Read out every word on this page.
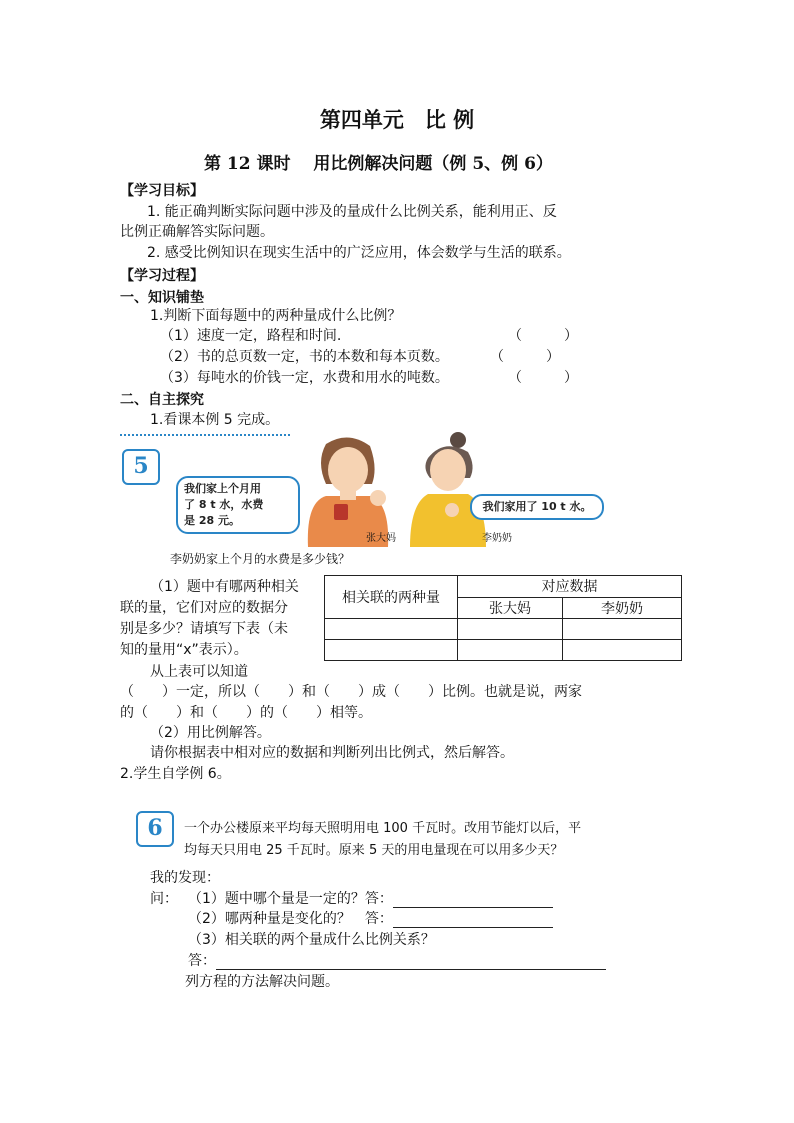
第四单元　比 例
第 12 课时　 用比例解决问题（例 5、例 6）
【学习目标】
1. 能正确判断实际问题中涉及的量成什么比例关系，能利用正、反
比例正确解答实际问题。
2. 感受比例知识在现实生活中的广泛应用，体会数学与生活的联系。
【学习过程】
一、知识铺垫
1.判断下面每题中的两种量成什么比例？
（1）速度一定，路程和时间.	（　　　）
（2）书的总页数一定，书的本数和每本页数。	（　　　）
（3）每吨水的价钱一定，水费和用水的吨数。	（　　　）
二、自主探究
1.看课本例 5 完成。
5
我们家上个月用
了 8 t 水，水费
是 28 元。
我们家用了 10 t 水。
张大妈	李奶奶
李奶奶家上个月的水费是多少钱？
（1）题中有哪两种相关
联的量，它们对应的数据分
别是多少？请填写下表（未
知的量用“x”表示）。
相关联的两种量	对应数据	
	张大妈	李奶奶

从上表可以知道
（　　）一定，所以（　　）和（　　）成（　　）比例。也就是说，两家
的（　　）和（　　）的（　　）相等。
（2）用比例解答。
请你根据表中相对应的数据和判断列出比例式，然后解答。
2.学生自学例 6。
6	一个办公楼原来平均每天照明用电 100 千瓦时。改用节能灯以后，平
均每天只用电 25 千瓦时。原来 5 天的用电量现在可以用多少天？
我的发现：
问： （1）题中哪个量是一定的？答：
（2）哪两种量是变化的？　答：
（3）相关联的两个量成什么比例关系？
答：
列方程的方法解决问题。
